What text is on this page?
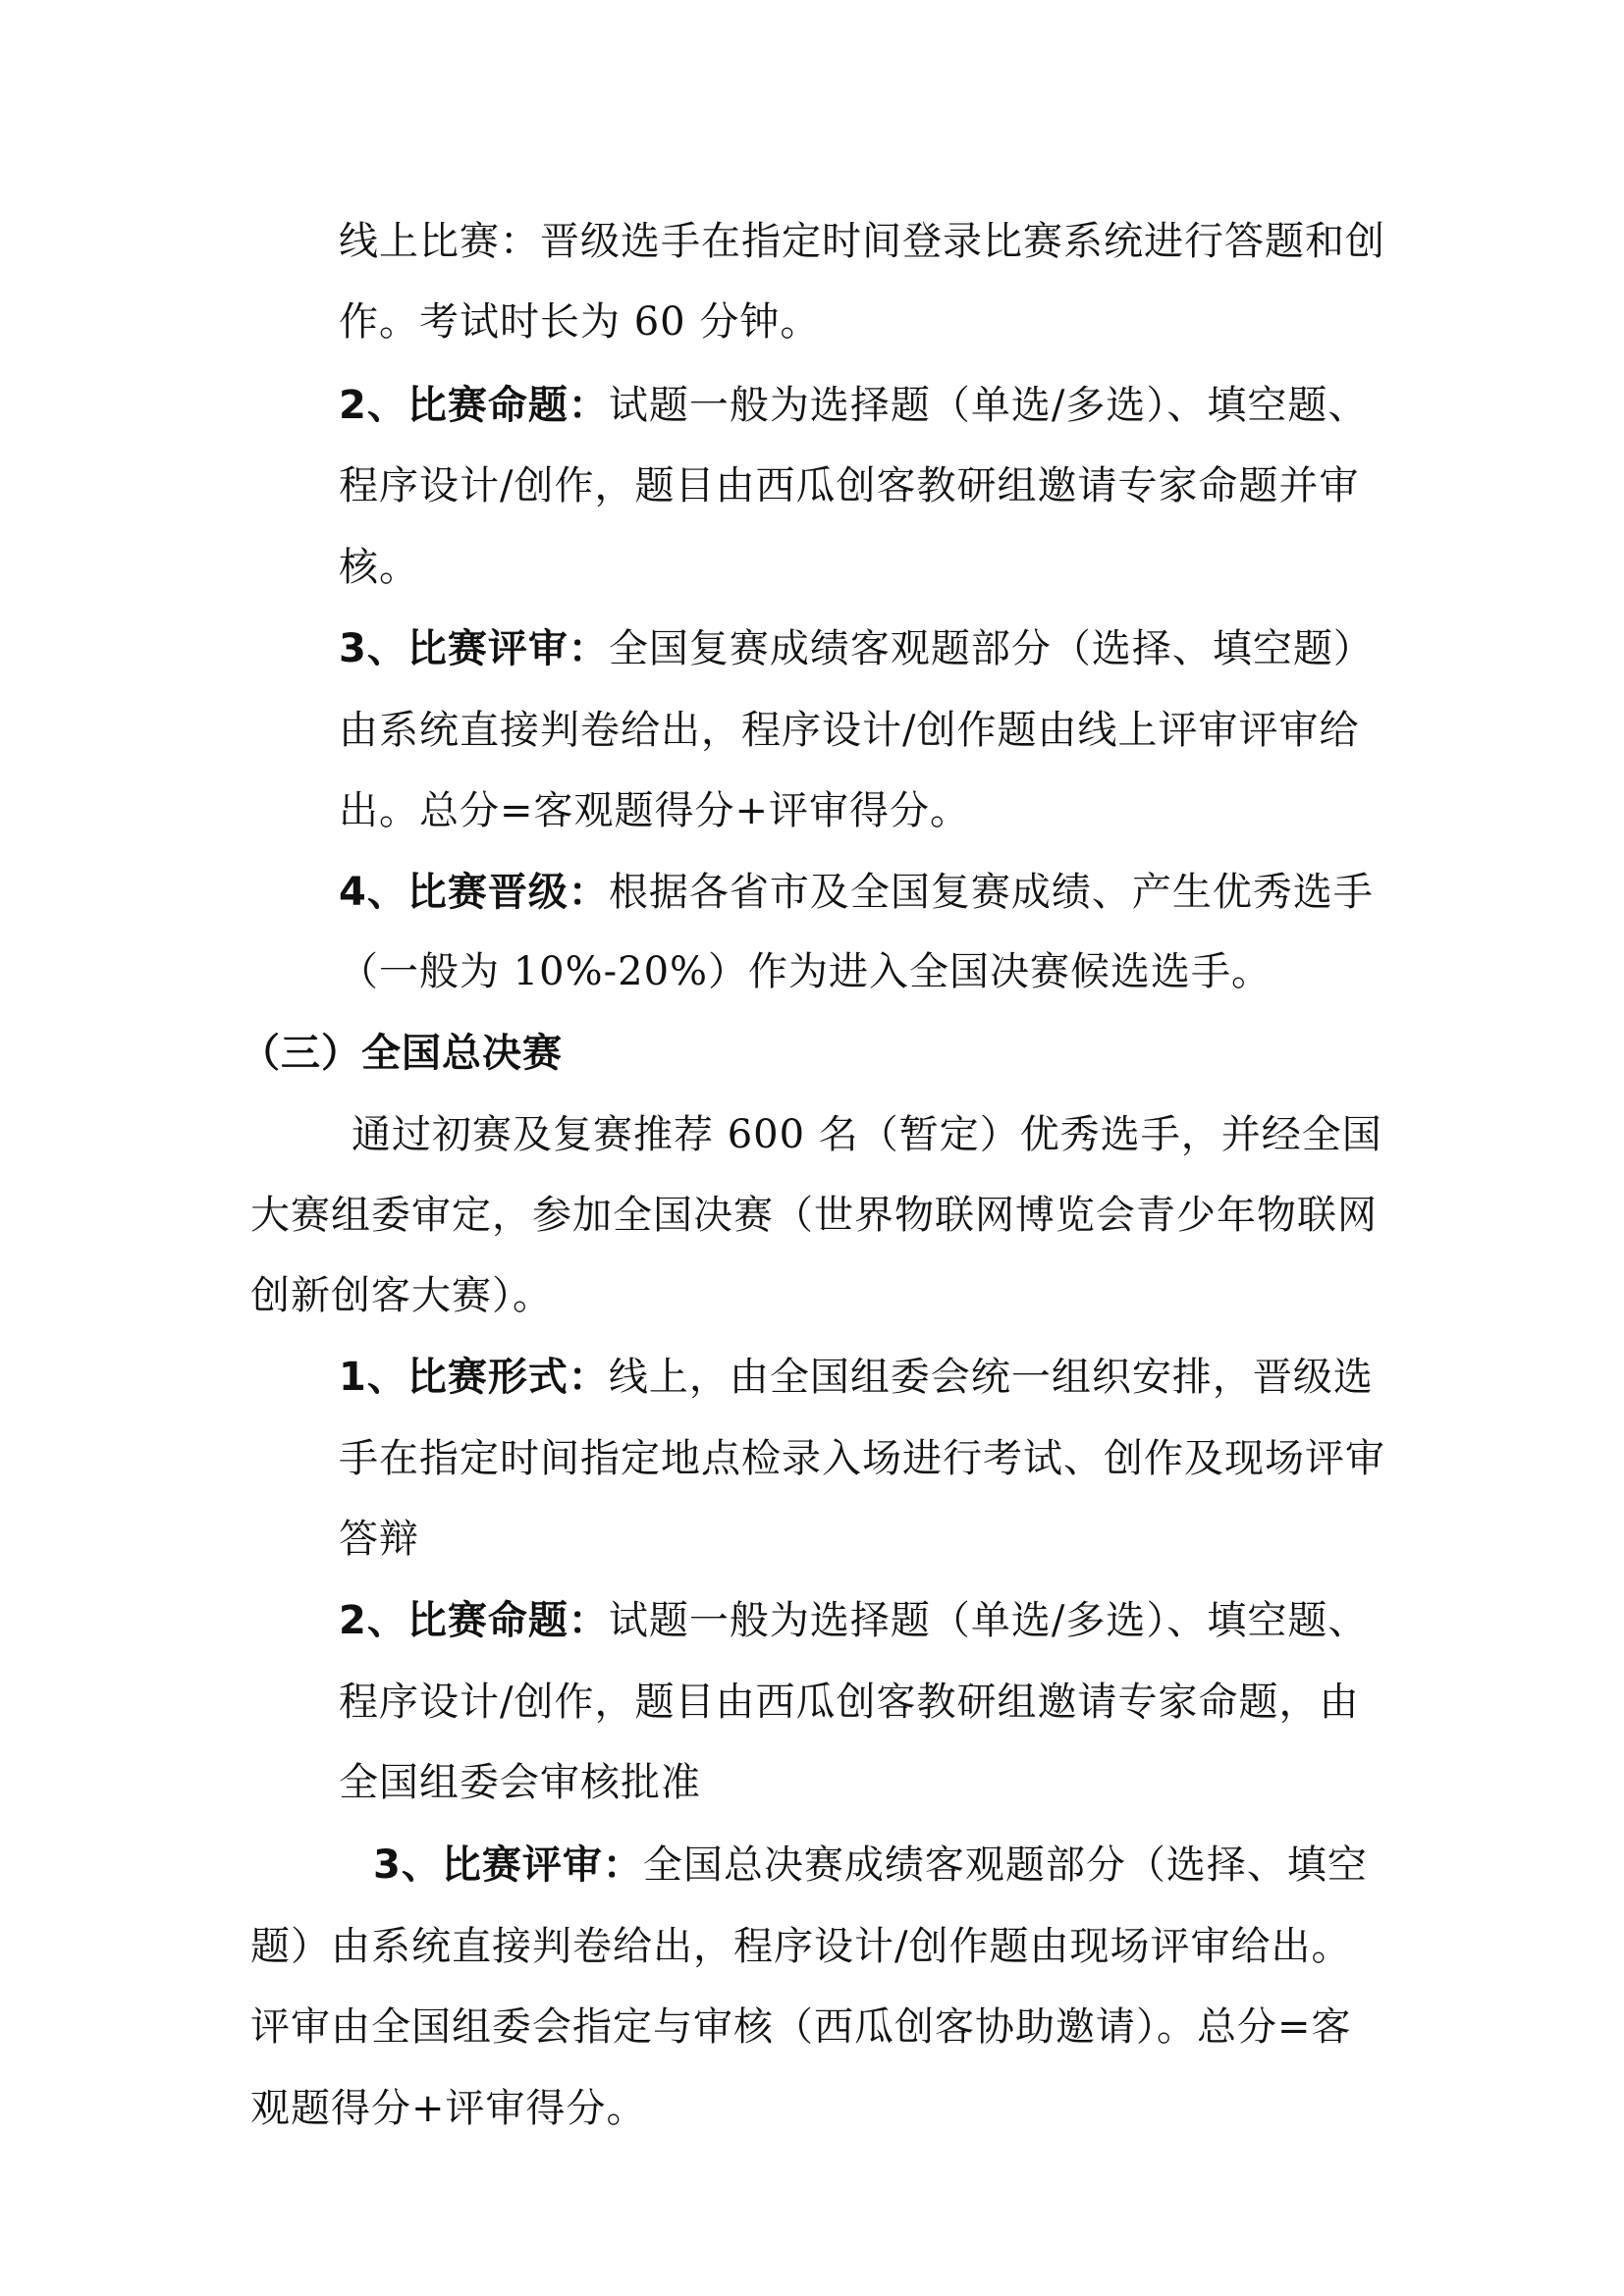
线上比赛：晋级选手在指定时间登录比赛系统进行答题和创
作。考试时长为 60 分钟。
2、比赛命题：试题一般为选择题（单选/多选）、填空题、
程序设计/创作，题目由西瓜创客教研组邀请专家命题并审
核。
3、比赛评审：全国复赛成绩客观题部分（选择、填空题）
由系统直接判卷给出，程序设计/创作题由线上评审评审给
出。总分=客观题得分+评审得分。
4、比赛晋级：根据各省市及全国复赛成绩、产生优秀选手
（一般为 10%-20%）作为进入全国决赛候选选手。
（三）全国总决赛
通过初赛及复赛推荐 600 名（暂定）优秀选手，并经全国
大赛组委审定，参加全国决赛（世界物联网博览会青少年物联网
创新创客大赛）。
1、比赛形式：线上，由全国组委会统一组织安排，晋级选
手在指定时间指定地点检录入场进行考试、创作及现场评审
答辩
2、比赛命题：试题一般为选择题（单选/多选）、填空题、
程序设计/创作，题目由西瓜创客教研组邀请专家命题，由
全国组委会审核批准
3、比赛评审：全国总决赛成绩客观题部分（选择、填空
题）由系统直接判卷给出，程序设计/创作题由现场评审给出。
评审由全国组委会指定与审核（西瓜创客协助邀请）。总分=客
观题得分+评审得分。
